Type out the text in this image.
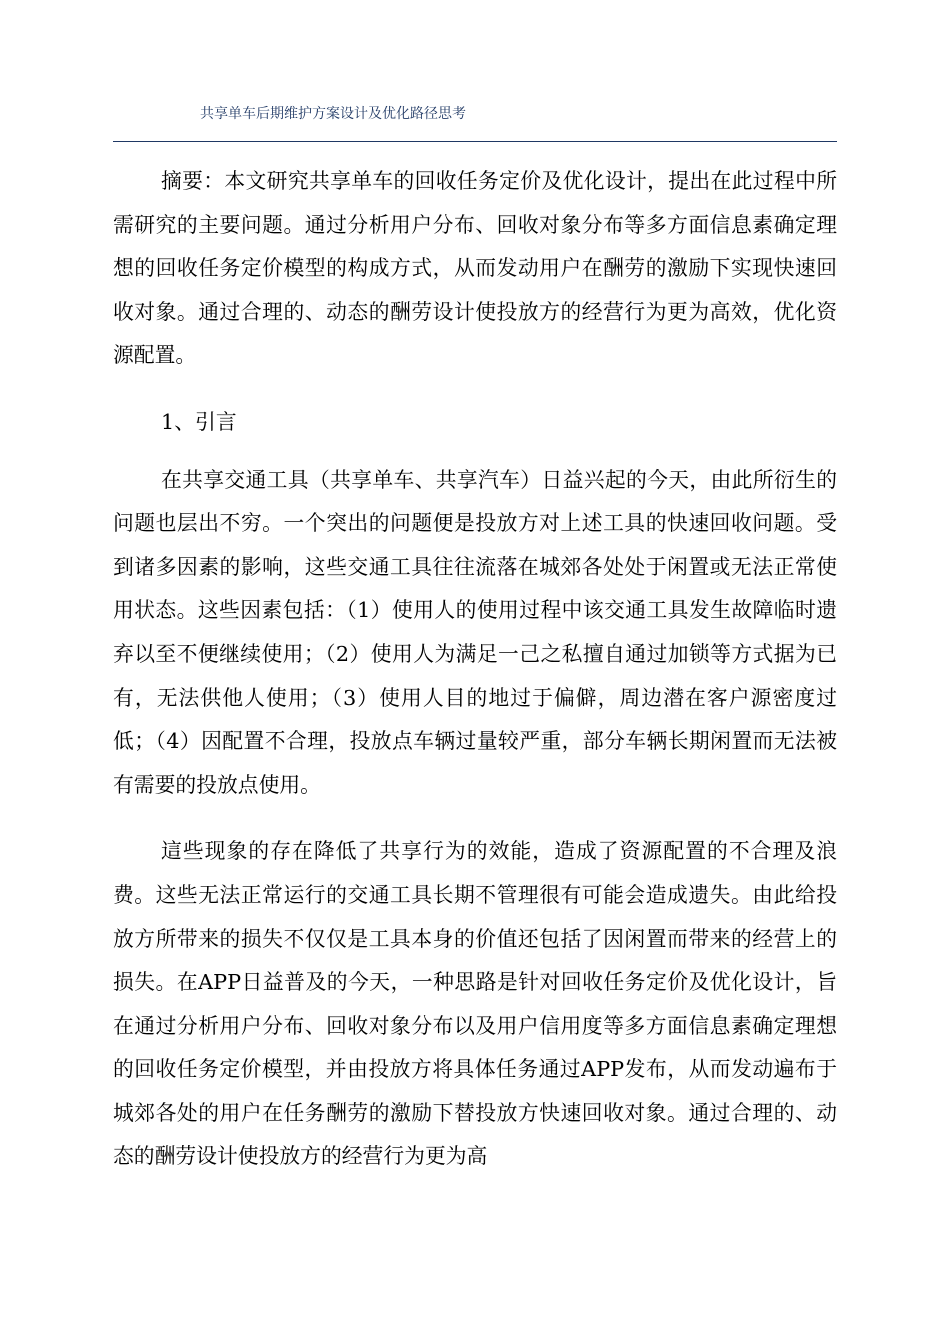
共享单车后期维护方案设计及优化路径思考

摘要：本文研究共享单车的回收任务定价及优化设计，提出在此过程中所需研究的主要问题。通过分析用户分布、回收对象分布等多方面信息素确定理想的回收任务定价模型的构成方式，从而发动用户在酬劳的激励下实现快速回收对象。通过合理的、动态的酬劳设计使投放方的经营行为更为高效，优化资源配置。

1、引言

在共享交通工具（共享单车、共享汽车）日益兴起的今天，由此所衍生的问题也层出不穷。一个突出的问题便是投放方对上述工具的快速回收问题。受到诸多因素的影响，这些交通工具往往流落在城郊各处处于闲置或无法正常使用状态。这些因素包括：（1）使用人的使用过程中该交通工具发生故障临时遗弃以至不便继续使用；（2）使用人为满足一己之私擅自通过加锁等方式据为已有，无法供他人使用；（3）使用人目的地过于偏僻，周边潜在客户源密度过低；（4）因配置不合理，投放点车辆过量较严重，部分车辆长期闲置而无法被有需要的投放点使用。

這些现象的存在降低了共享行为的效能，造成了资源配置的不合理及浪费。这些无法正常运行的交通工具长期不管理很有可能会造成遗失。由此给投放方所带来的损失不仅仅是工具本身的价值还包括了因闲置而带来的经营上的损失。在APP日益普及的今天，一种思路是针对回收任务定价及优化设计，旨在通过分析用户分布、回收对象分布以及用户信用度等多方面信息素确定理想的回收任务定价模型，并由投放方将具体任务通过APP发布，从而发动遍布于城郊各处的用户在任务酬劳的激励下替投放方快速回收对象。通过合理的、动态的酬劳设计使投放方的经营行为更为高
